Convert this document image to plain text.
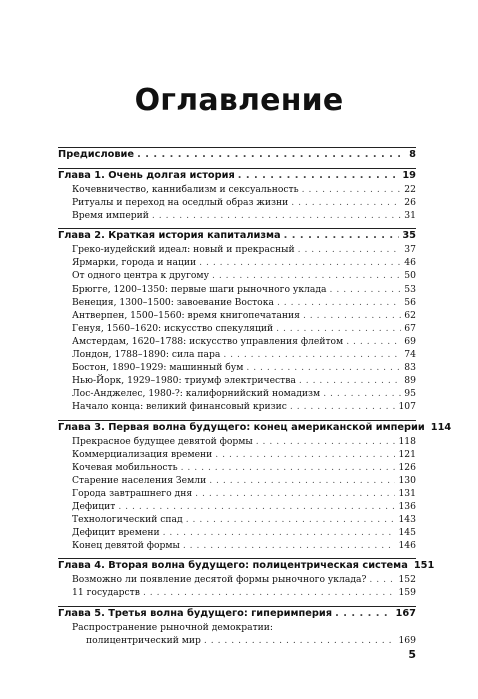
Оглавление
Предисловие . . .	8
Глава 1. Очень долгая история . . .	19
Кочевничество, каннибализм и сексуальность . . .	22
Ритуалы и переход на оседлый образ жизни . . .	26
Время империй . . .	31
Глава 2. Краткая история капитализма . . .	35
Греко-иудейский идеал: новый и прекрасный . . .	37
Ярмарки, города и нации . . .	46
От одного центра к другому . . .	50
Брюгге, 1200–1350: первые шаги рыночного уклада . . .	53
Венеция, 1300–1500: завоевание Востока . . .	56
Антверпен, 1500–1560: время книгопечатания . . .	62
Генуя, 1560–1620: искусство спекуляций . . .	67
Амстердам, 1620–1788: искусство управления флейтом . . .	69
Лондон, 1788–1890: сила пара . . .	74
Бостон, 1890–1929: машинный бум . . .	83
Нью-Йорк, 1929–1980: триумф электричества . . .	89
Лос-Анджелес, 1980-?: калифорнийский номадизм . . .	95
Начало конца: великий финансовый кризис . . .	107
Глава 3. Первая волна будущего: конец американской империи 114
Прекрасное будущее девятой формы . . .	118
Коммерциализация времени . . .	121
Кочевая мобильность . . .	126
Старение населения Земли . . .	130
Города завтрашнего дня . . .	131
Дефицит . . .	136
Технологический спад . . .	143
Дефицит времени . . .	145
Конец девятой формы . . .	146
Глава 4. Вторая волна будущего: полицентрическая система 151
Возможно ли появление десятой формы рыночного уклада? . . .	152
11 государств . . .	159
Глава 5. Третья волна будущего: гиперимперия . . .	167
Распространение рыночной демократии:
полицентрический мир . . .	169
5
